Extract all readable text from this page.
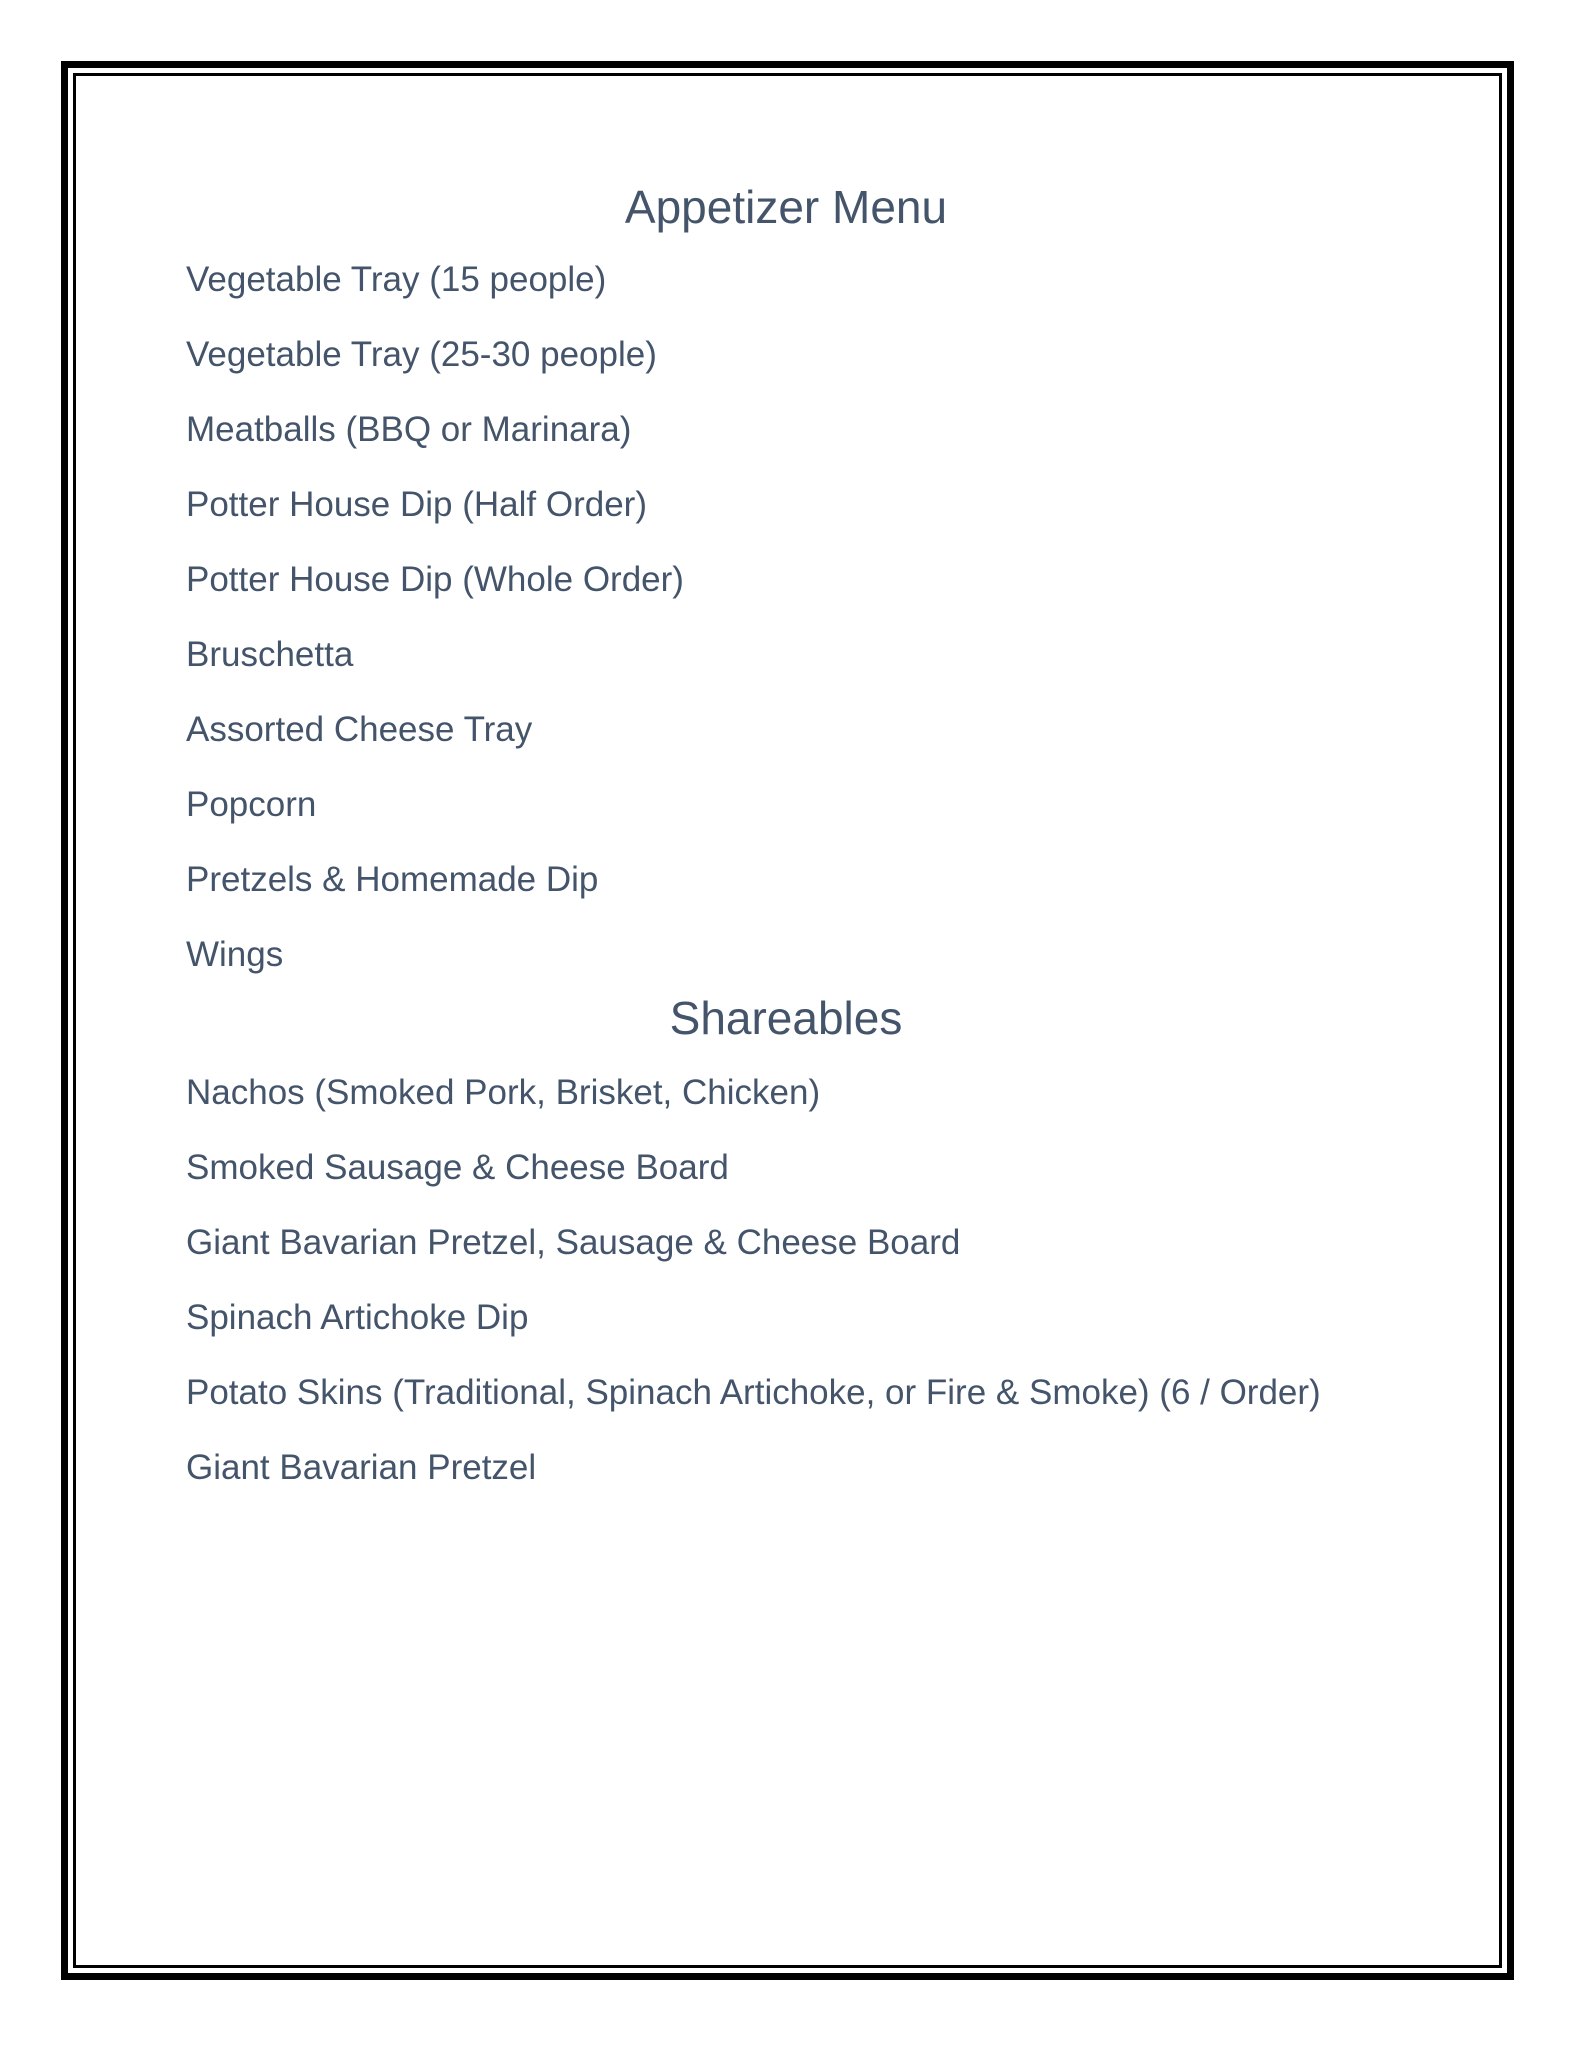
Appetizer Menu
Vegetable Tray (15 people)
Vegetable Tray (25-30 people)
Meatballs (BBQ or Marinara)
Potter House Dip (Half Order)
Potter House Dip (Whole Order)
Bruschetta
Assorted Cheese Tray
Popcorn
Pretzels & Homemade Dip
Wings
Shareables
Nachos (Smoked Pork, Brisket, Chicken)
Smoked Sausage & Cheese Board
Giant Bavarian Pretzel, Sausage & Cheese Board
Spinach Artichoke Dip
Potato Skins (Traditional, Spinach Artichoke, or Fire & Smoke) (6 / Order)
Giant Bavarian Pretzel
